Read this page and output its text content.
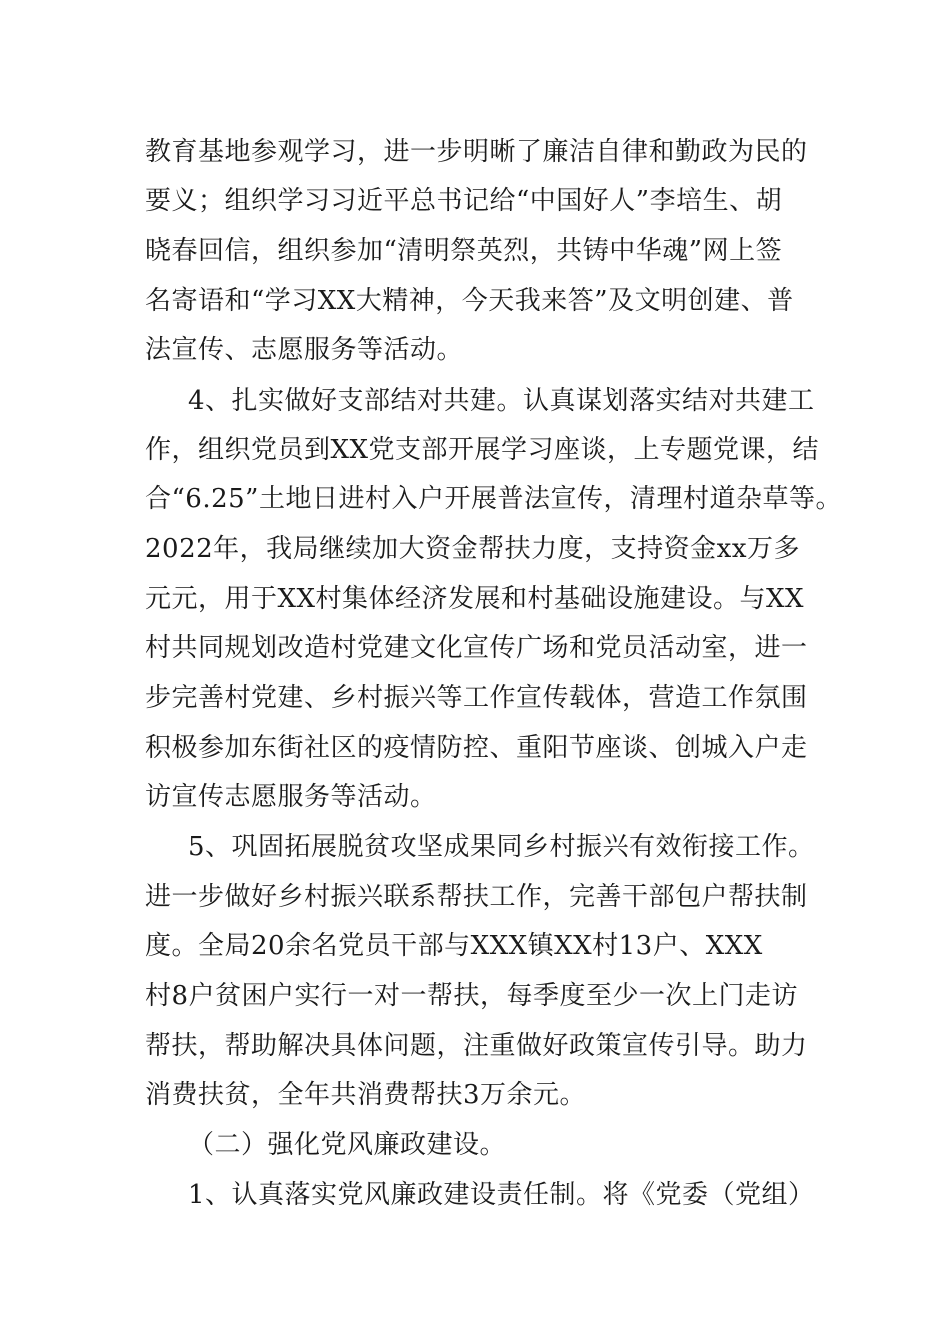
教育基地参观学习，进一步明晰了廉洁自律和勤政为民的
要义；组织学习习近平总书记给“中国好人”李培生、胡
晓春回信，组织参加“清明祭英烈，共铸中华魂”网上签
名寄语和“学习XX大精神，今天我来答”及文明创建、普
法宣传、志愿服务等活动。
4、扎实做好支部结对共建。认真谋划落实结对共建工
作，组织党员到XX党支部开展学习座谈，上专题党课，结
合“6.25”土地日进村入户开展普法宣传，清理村道杂草等。
2022年，我局继续加大资金帮扶力度，支持资金xx万多
元元，用于XX村集体经济发展和村基础设施建设。与XX
村共同规划改造村党建文化宣传广场和党员活动室，进一
步完善村党建、乡村振兴等工作宣传载体，营造工作氛围
积极参加东街社区的疫情防控、重阳节座谈、创城入户走
访宣传志愿服务等活动。
5、巩固拓展脱贫攻坚成果同乡村振兴有效衔接工作。
进一步做好乡村振兴联系帮扶工作，完善干部包户帮扶制
度。全局20余名党员干部与XXX镇XX村13户、XXX
村8户贫困户实行一对一帮扶，每季度至少一次上门走访
帮扶，帮助解决具体问题，注重做好政策宣传引导。助力
消费扶贫，全年共消费帮扶3万余元。
（二）强化党风廉政建设。
1、认真落实党风廉政建设责任制。将《党委（党组）
